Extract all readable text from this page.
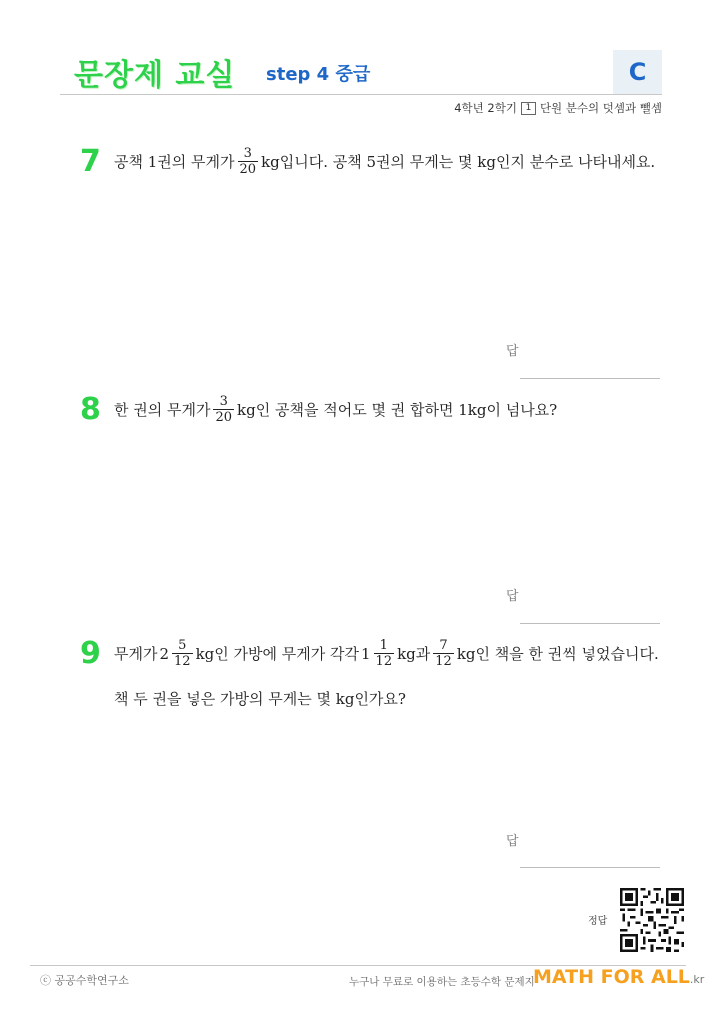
문장제 교실 step 4 중급	C
4학년 2학기 1 단원 분수의 덧셈과 뺄셈
7 공책 1권의 무게가 $\frac{3}{20}$ kg입니다. 공책 5권의 무게는 몇 kg인지 분수로 나타내세요.
답
8 한 권의 무게가 $\frac{3}{20}$ kg인 공책을 적어도 몇 권 합하면 1kg이 넘나요?
답
9 무게가 $2 \frac{5}{12}$ kg인 가방에 무게가 각각 $1 \frac{1}{12}$ kg과 $\frac{7}{12}$ kg인 책을 한 권씩 넣었습니다.
책 두 권을 넣은 가방의 무게는 몇 kg인가요?
답
정답
ⓒ 공공수학연구소	누구나 무료로 이용하는 초등수학 문제지
MATH FOR ALL.kr
